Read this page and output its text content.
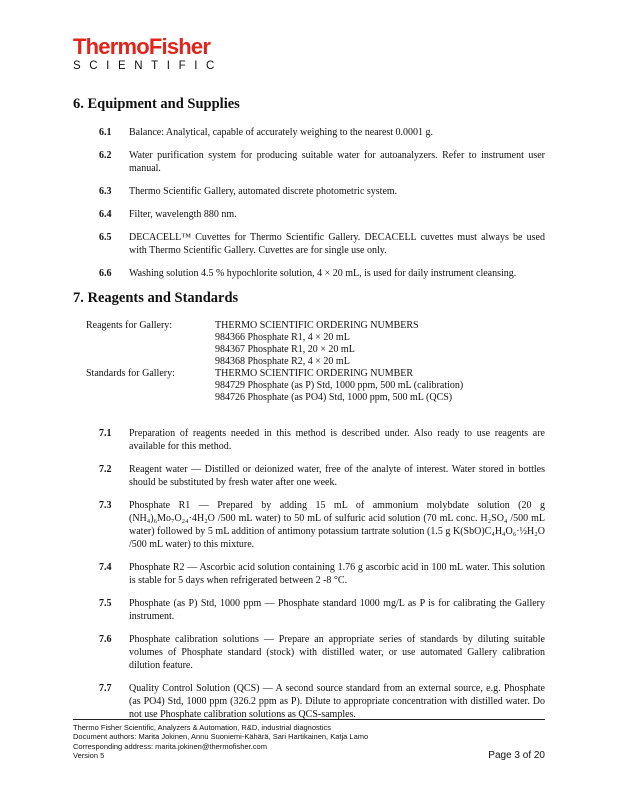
ThermoFisher
SCIENTIFIC
6. Equipment and Supplies
6.1 Balance: Analytical, capable of accurately weighing to the nearest 0.0001 g.
6.2 Water purification system for producing suitable water for autoanalyzers. Refer to instrument user manual.
6.3 Thermo Scientific Gallery, automated discrete photometric system.
6.4 Filter, wavelength 880 nm.
6.5 DECACELL™ Cuvettes for Thermo Scientific Gallery. DECACELL cuvettes must always be used with Thermo Scientific Gallery. Cuvettes are for single use only.
6.6 Washing solution 4.5 % hypochlorite solution, 4 × 20 mL, is used for daily instrument cleansing.
7. Reagents and Standards
Reagents for Gallery:	THERMO SCIENTIFIC ORDERING NUMBERS
984366 Phosphate R1, 4 × 20 mL
984367 Phosphate R1, 20 × 20 mL
984368 Phosphate R2, 4 × 20 mL
Standards for Gallery:	THERMO SCIENTIFIC ORDERING NUMBER
984729 Phosphate (as P) Std, 1000 ppm, 500 mL (calibration)
984726 Phosphate (as PO4) Std, 1000 ppm, 500 mL (QCS)
7.1 Preparation of reagents needed in this method is described under. Also ready to use reagents are available for this method.
7.2 Reagent water — Distilled or deionized water, free of the analyte of interest. Water stored in bottles should be substituted by fresh water after one week.
7.3 Phosphate R1 — Prepared by adding 15 mL of ammonium molybdate solution (20 g (NH₄)₆Mo₇O₂₄·4H₂O /500 mL water) to 50 mL of sulfuric acid solution (70 mL conc. H₂SO₄ /500 mL water) followed by 5 mL addition of antimony potassium tartrate solution (1.5 g K(SbO)C₄H₄O₆·½H₂O /500 mL water) to this mixture.
7.4 Phosphate R2 — Ascorbic acid solution containing 1.76 g ascorbic acid in 100 mL water. This solution is stable for 5 days when refrigerated between 2 -8 °C.
7.5 Phosphate (as P) Std, 1000 ppm — Phosphate standard 1000 mg/L as P is for calibrating the Gallery instrument.
7.6 Phosphate calibration solutions — Prepare an appropriate series of standards by diluting suitable volumes of Phosphate standard (stock) with distilled water, or use automated Gallery calibration dilution feature.
7.7 Quality Control Solution (QCS) — A second source standard from an external source, e.g. Phosphate (as PO4) Std, 1000 ppm (326.2 ppm as P). Dilute to appropriate concentration with distilled water. Do not use Phosphate calibration solutions as QCS-samples.
Thermo Fisher Scientific, Analyzers & Automation, R&D, industrial diagnostics
Document authors: Marita Jokinen, Annu Suoniemi-Kähärä, Sari Hartikainen, Katja Lamo
Corresponding address: marita.jokinen@thermofisher.com
Version 5	Page 3 of 20
